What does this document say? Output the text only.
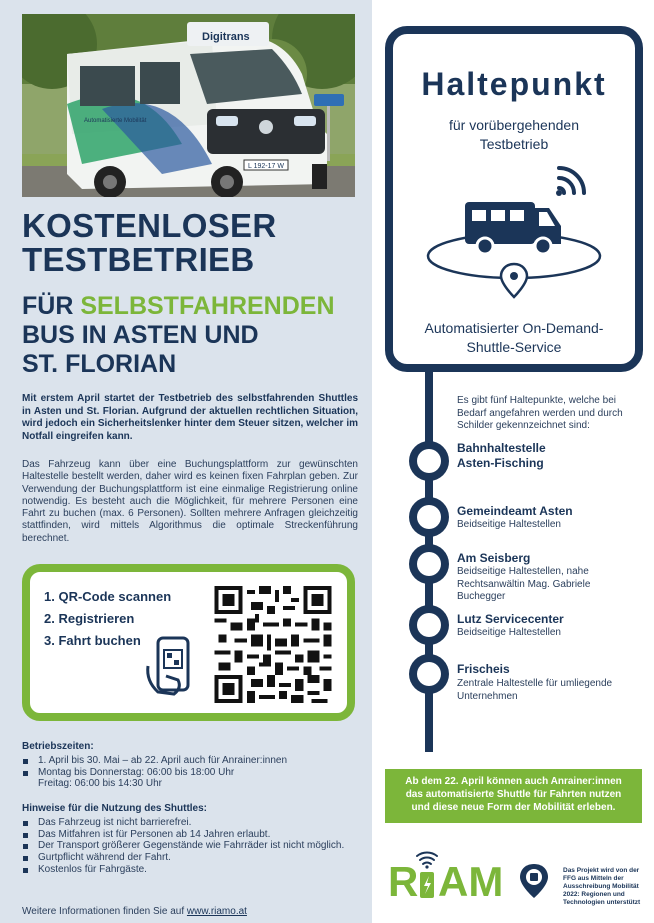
Digitrans
L 192-17 W
Automatisierte Mobilität
KOSTENLOSER
TESTBETRIEB
FÜR SELBSTFAHRENDEN
BUS IN ASTEN UND
ST. FLORIAN

Mit erstem April startet der Testbetrieb des selbstfahrenden Shuttles in Asten und St. Florian. Aufgrund der aktuellen rechtlichen Situation, wird jedoch ein Sicherheitslenker hinter dem Steuer sitzen, welcher im Notfall eingreifen kann.

Das Fahrzeug kann über eine Buchungsplattform zur gewünschten Haltestelle bestellt werden, daher wird es keinen fixen Fahrplan geben. Zur Verwendung der Buchungsplattform ist eine einmalige Registrierung online notwendig. Es besteht auch die Möglichkeit, für mehrere Personen eine Fahrt zu buchen (max. 6 Personen). Sollten mehrere Anfragen gleichzeitig stattfinden, wird mittels Algorithmus die optimale Streckenführung berechnet.

1. QR-Code scannen
2. Registrieren
3. Fahrt buchen
Betriebszeiten:
1. April bis 30. Mai – ab 22. April auch für Anrainer:innen
Montag bis Donnerstag: 06:00 bis 18:00 Uhr
Freitag: 06:00 bis 14:30 Uhr
Hinweise für die Nutzung des Shuttles:
Das Fahrzeug ist nicht barrierefrei.
Das Mitfahren ist für Personen ab 14 Jahren erlaubt.
Der Transport größerer Gegenstände wie Fahrräder ist nicht möglich.
Gurtpflicht während der Fahrt.
Kostenlos für Fahrgäste.
Weitere Informationen finden Sie auf www.riamo.at
Haltepunkt
für vorübergehenden
Testbetrieb
Automatisierter On-Demand-
Shuttle-Service

Es gibt fünf Haltepunkte, welche bei Bedarf angefahren werden und durch Schilder gekennzeichnet sind:

Bahnhaltestelle Asten-Fisching
Gemeindeamt Asten
Beidseitige Haltestellen
Am Seisberg
Beidseitige Haltestellen, nahe Rechtsanwältin Mag. Gabriele Buchegger
Lutz Servicecenter
Beidseitige Haltestellen
Frischeis
Zentrale Haltestelle für umliegende Unternehmen
Ab dem 22. April können auch Anrainer:innen das automatisierte Shuttle für Fahrten nutzen und diese neue Form der Mobilität erleben.
R AM
RIAMO

Das Projekt wird von der FFG aus Mitteln der Ausschreibung Mobilität 2022: Regionen und Technologien unterstützt
